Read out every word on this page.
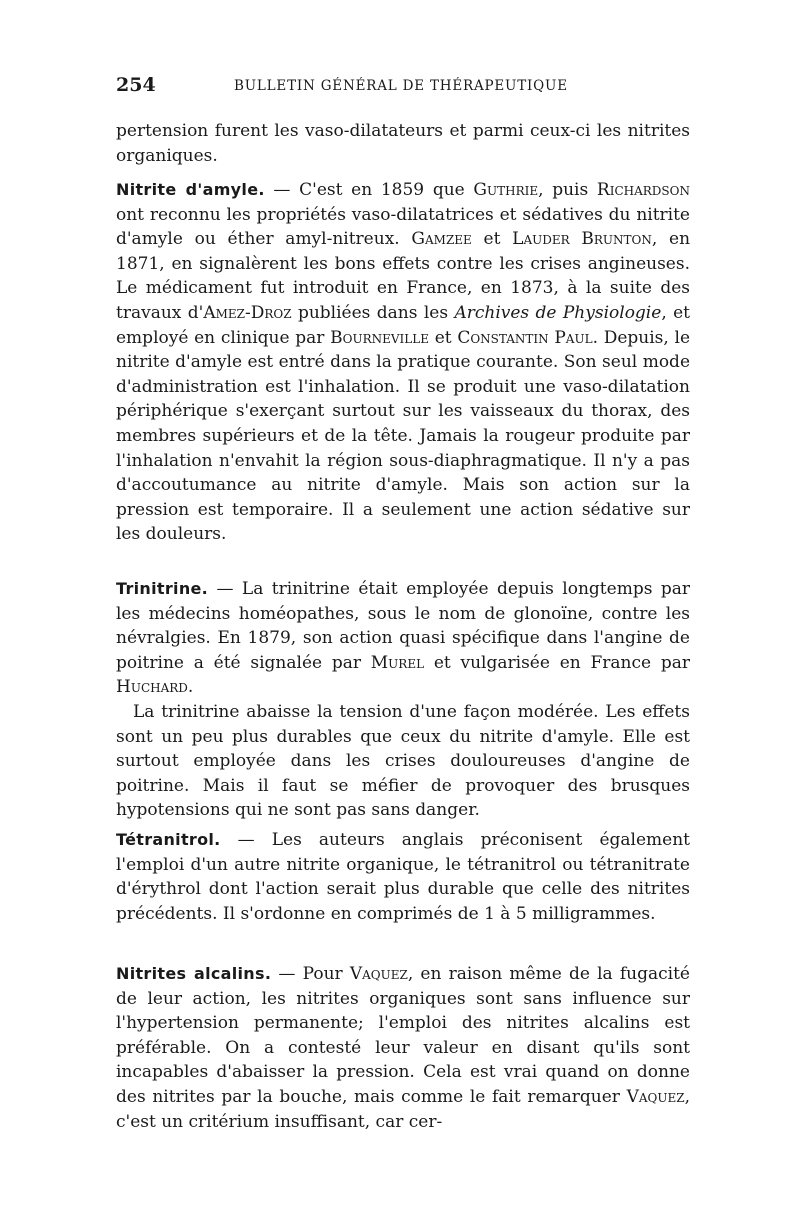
254	BULLETIN GÉNÉRAL DE THÉRAPEUTIQUE

pertension furent les vaso-dilatateurs et parmi ceux-ci les nitrites organiques.

Nitrite d'amyle. — C'est en 1859 que Guthrie, puis Richardson ont reconnu les propriétés vaso-dilatatrices et sédatives du nitrite d'amyle ou éther amyl-nitreux. Gamzee et Lauder Brunton, en 1871, en signalèrent les bons effets contre les crises angineuses. Le médicament fut introduit en France, en 1873, à la suite des travaux d'Amez-Droz publiées dans les Archives de Physiologie, et employé en clinique par Bourneville et Constantin Paul. Depuis, le nitrite d'amyle est entré dans la pratique courante. Son seul mode d'administration est l'inhalation. Il se produit une vaso-dilatation périphérique s'exerçant surtout sur les vaisseaux du thorax, des membres supérieurs et de la tête. Jamais la rougeur produite par l'inhalation n'envahit la région sous-diaphragmatique. Il n'y a pas d'accoutumance au nitrite d'amyle. Mais son action sur la pression est temporaire. Il a seulement une action sédative sur les douleurs.

Trinitrine. — La trinitrine était employée depuis longtemps par les médecins homéopathes, sous le nom de glonoïne, contre les névralgies. En 1879, son action quasi spécifique dans l'angine de poitrine a été signalée par Murel et vulgarisée en France par Huchard.

La trinitrine abaisse la tension d'une façon modérée. Les effets sont un peu plus durables que ceux du nitrite d'amyle. Elle est surtout employée dans les crises douloureuses d'angine de poitrine. Mais il faut se méfier de provoquer des brusques hypotensions qui ne sont pas sans danger.

Tétranitrol. — Les auteurs anglais préconisent également l'emploi d'un autre nitrite organique, le tétranitrol ou tétranitrate d'érythrol dont l'action serait plus durable que celle des nitrites précédents. Il s'ordonne en comprimés de 1 à 5 milligrammes.

Nitrites alcalins. — Pour Vaquez, en raison même de la fugacité de leur action, les nitrites organiques sont sans influence sur l'hypertension permanente; l'emploi des nitrites alcalins est préférable. On a contesté leur valeur en disant qu'ils sont incapables d'abaisser la pression. Cela est vrai quand on donne des nitrites par la bouche, mais comme le fait remarquer Vaquez, c'est un critérium insuffisant, car cer-
